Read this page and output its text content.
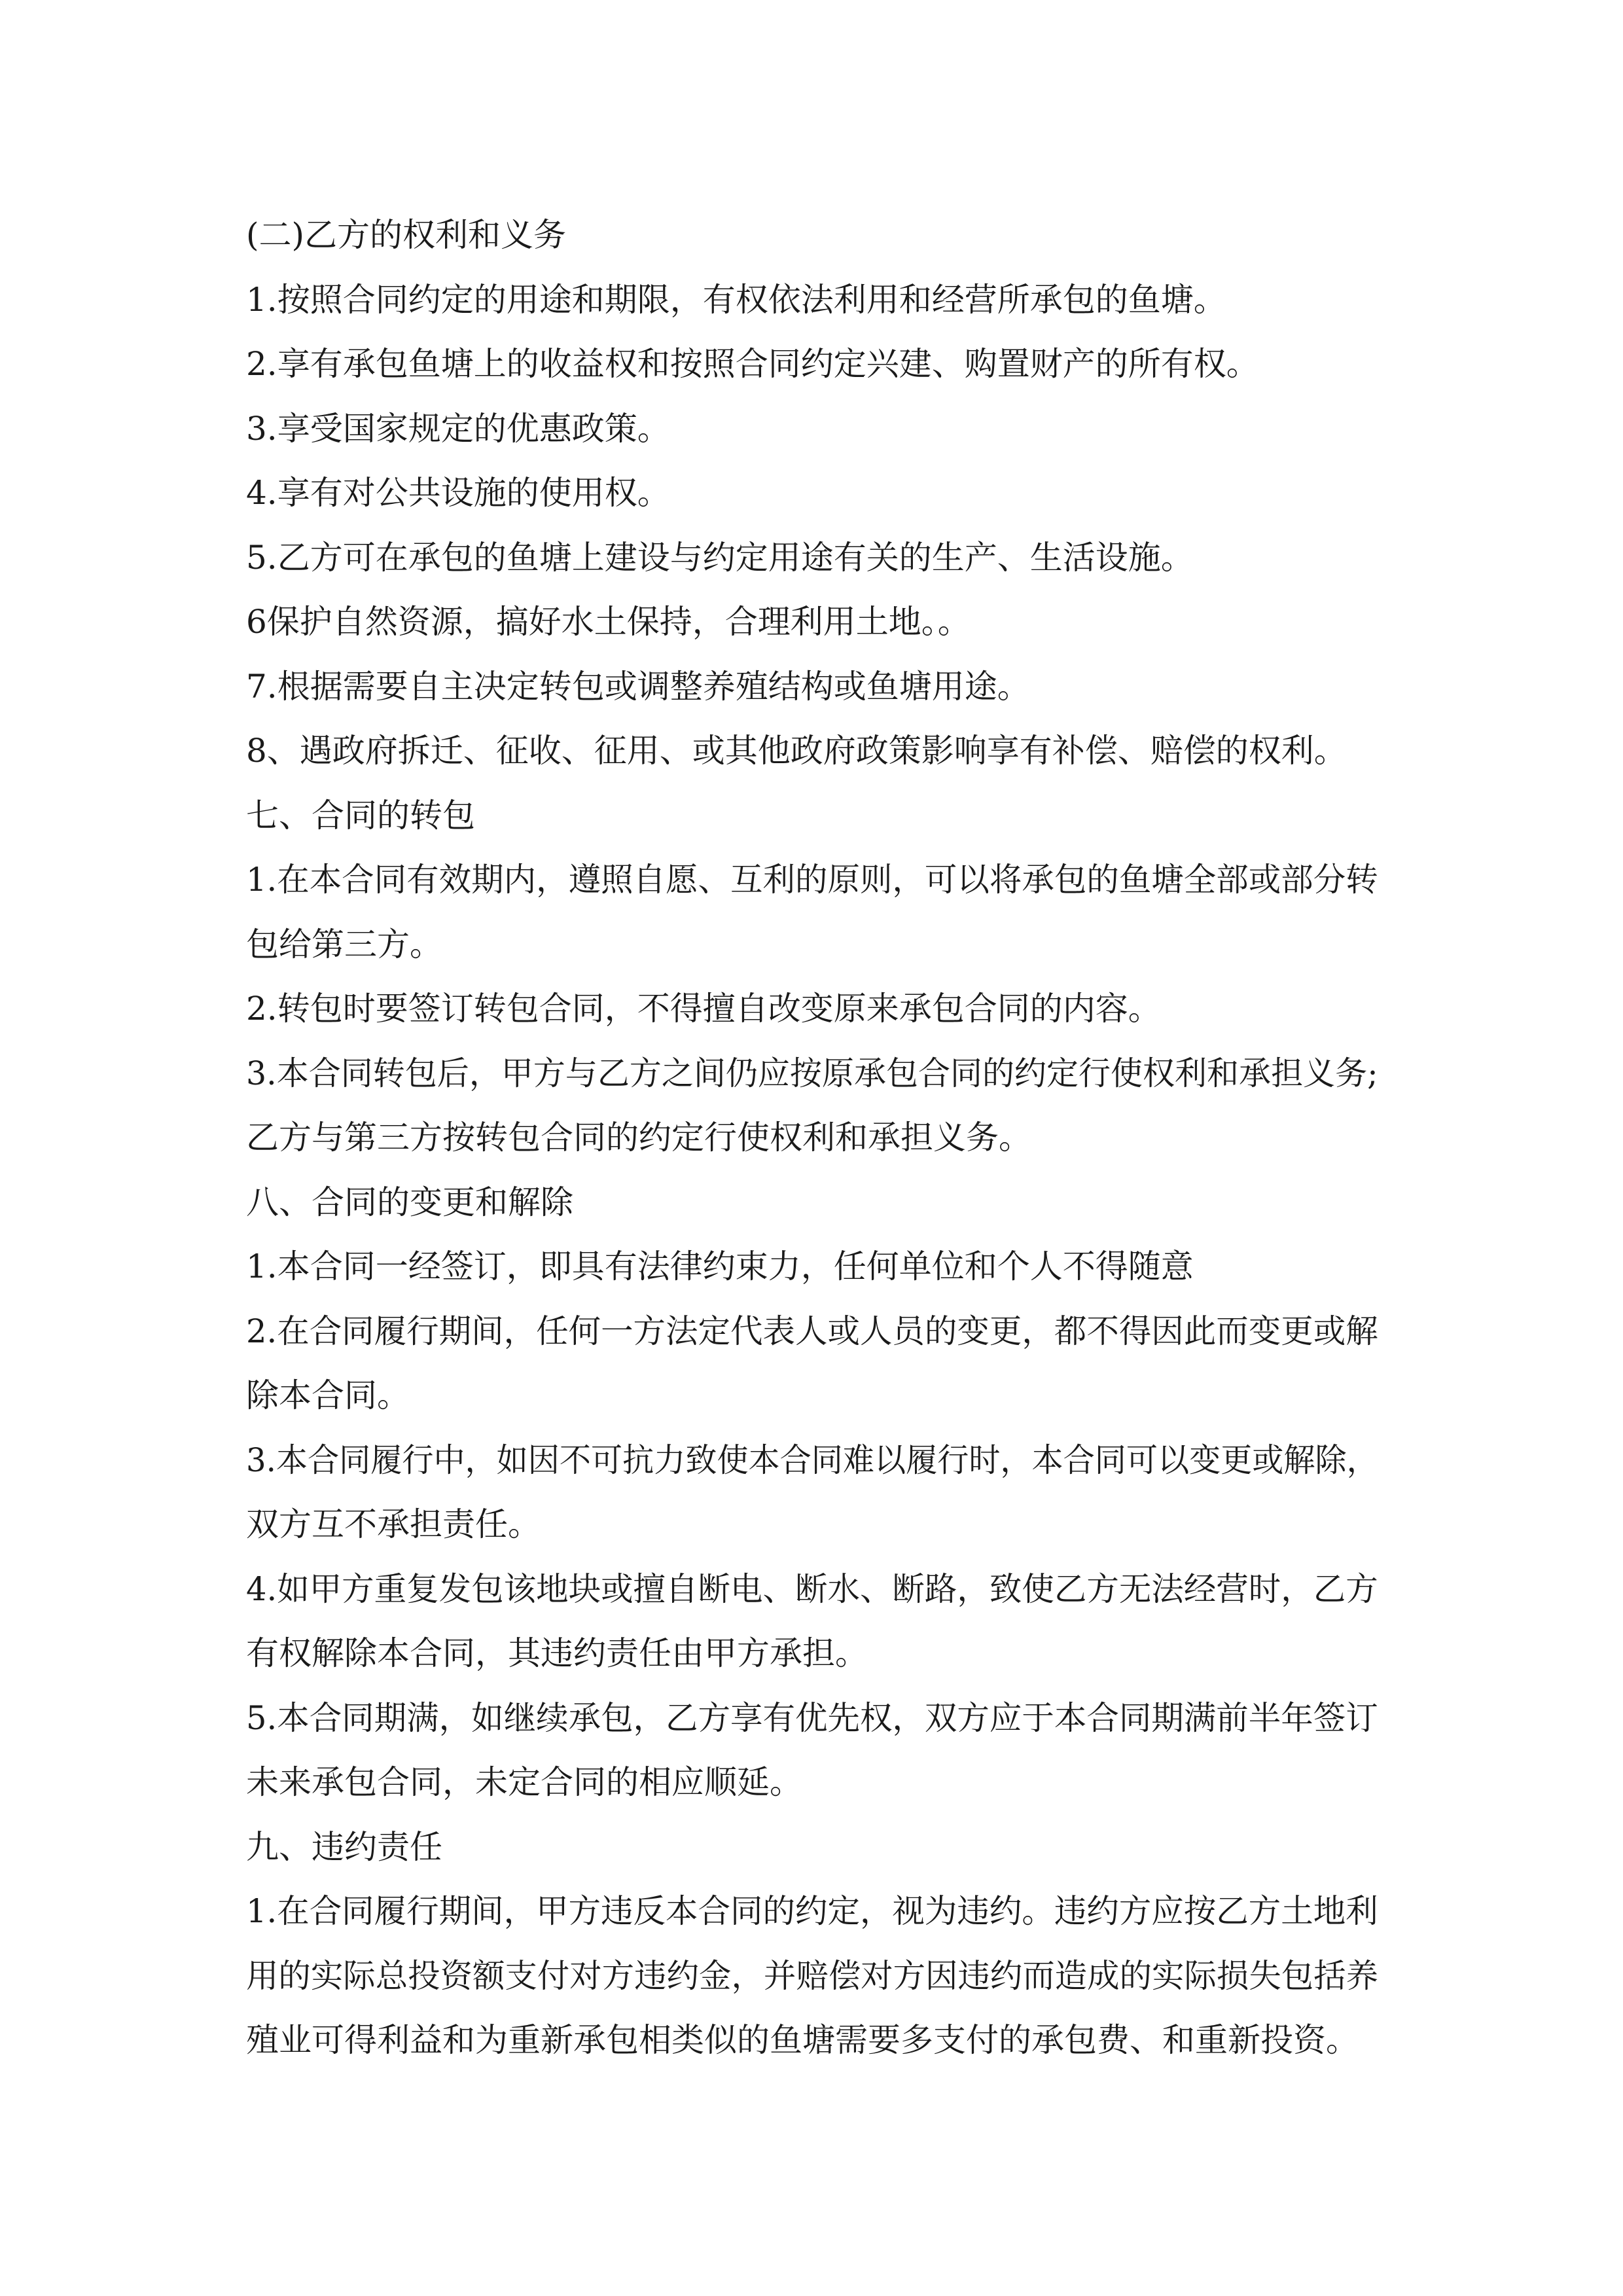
(二)乙方的权利和义务
1.按照合同约定的用途和期限，有权依法利用和经营所承包的鱼塘。
2.享有承包鱼塘上的收益权和按照合同约定兴建、购置财产的所有权。
3.享受国家规定的优惠政策。
4.享有对公共设施的使用权。
5.乙方可在承包的鱼塘上建设与约定用途有关的生产、生活设施。
6保护自然资源，搞好水土保持，合理利用土地。。
7.根据需要自主决定转包或调整养殖结构或鱼塘用途。
8、遇政府拆迁、征收、征用、或其他政府政策影响享有补偿、赔偿的权利。
七、合同的转包
1.在本合同有效期内，遵照自愿、互利的原则，可以将承包的鱼塘全部或部分转
包给第三方。
2.转包时要签订转包合同，不得擅自改变原来承包合同的内容。
3.本合同转包后，甲方与乙方之间仍应按原承包合同的约定行使权利和承担义务;
乙方与第三方按转包合同的约定行使权利和承担义务。
八、合同的变更和解除
1.本合同一经签订，即具有法律约束力，任何单位和个人不得随意
2.在合同履行期间，任何一方法定代表人或人员的变更，都不得因此而变更或解
除本合同。
3.本合同履行中，如因不可抗力致使本合同难以履行时，本合同可以变更或解除，
双方互不承担责任。
4.如甲方重复发包该地块或擅自断电、断水、断路，致使乙方无法经营时，乙方
有权解除本合同，其违约责任由甲方承担。
5.本合同期满，如继续承包，乙方享有优先权，双方应于本合同期满前半年签订
未来承包合同，未定合同的相应顺延。
九、违约责任
1.在合同履行期间，甲方违反本合同的约定，视为违约。违约方应按乙方土地利
用的实际总投资额支付对方违约金，并赔偿对方因违约而造成的实际损失包括养
殖业可得利益和为重新承包相类似的鱼塘需要多支付的承包费、和重新投资。
